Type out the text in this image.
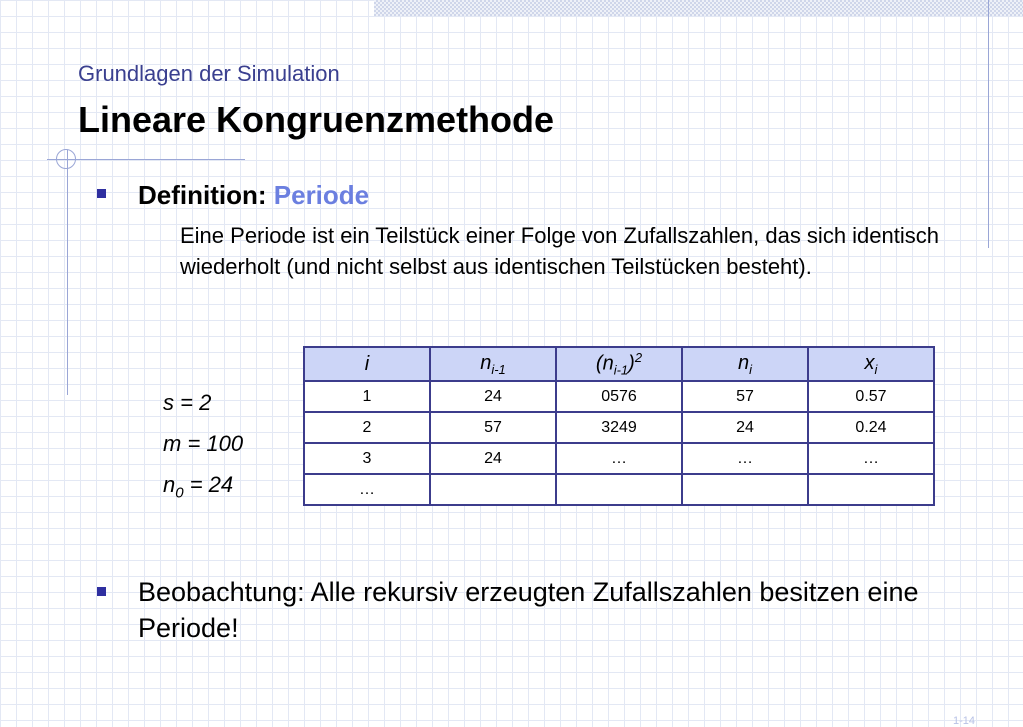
Grundlagen der Simulation
Lineare Kongruenzmethode
Definition: Periode
Eine Periode ist ein Teilstück einer Folge von Zufallszahlen, das sich identisch wiederholt (und nicht selbst aus identischen Teilstücken besteht).
s = 2
m = 100
$n_0 = 24$
i	$n_{i-1}$	$(n_{i-1})^2$	$n_i$	$x_i$
1	24	0576	57	0.57
2	57	3249	24	0.24
3	24	…	…	…
…				
Beobachtung: Alle rekursiv erzeugten Zufallszahlen besitzen eine Periode!
1-14
